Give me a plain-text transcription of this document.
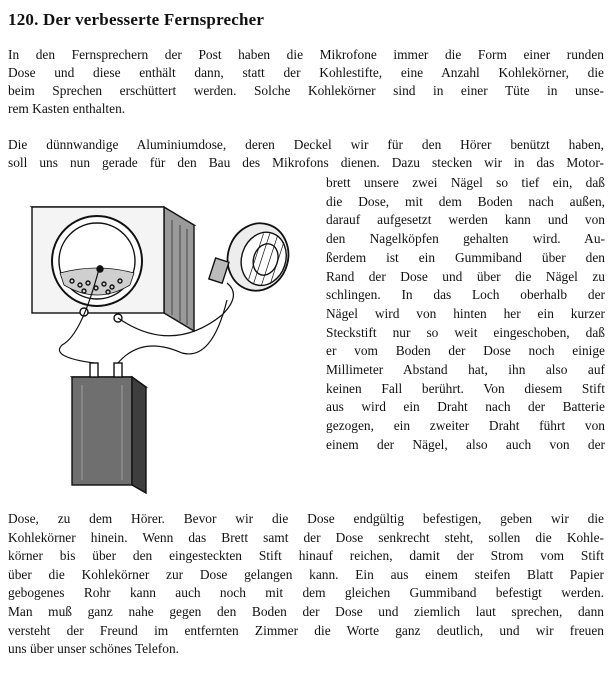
120. Der verbesserte Fernsprecher
In den Fernsprechern der Post haben die Mikrofone immer die Form einer runden
Dose und diese enthält dann, statt der Kohlestifte, eine Anzahl Kohlekörner, die
beim Sprechen erschüttert werden. Solche Kohlekörner sind in einer Tüte in unse-
rem Kasten enthalten.
Die dünnwandige Aluminiumdose, deren Deckel wir für den Hörer benützt haben,
soll uns nun gerade für den Bau des Mikrofons dienen. Dazu stecken wir in das Motor-
brett unsere zwei Nägel so tief ein, daß
die Dose, mit dem Boden nach außen,
darauf aufgesetzt werden kann und von
den Nagelköpfen gehalten wird. Au-
ßerdem ist ein Gummiband über den
Rand der Dose und über die Nägel zu
schlingen. In das Loch oberhalb der
Nägel wird von hinten her ein kurzer
Steckstift nur so weit eingeschoben, daß
er vom Boden der Dose noch einige
Millimeter Abstand hat, ihn also auf
keinen Fall berührt. Von diesem Stift
aus wird ein Draht nach der Batterie
gezogen, ein zweiter Draht führt von
einem der Nägel, also auch von der
Dose, zu dem Hörer. Bevor wir die Dose endgültig befestigen, geben wir die
Kohlekörner hinein. Wenn das Brett samt der Dose senkrecht steht, sollen die Kohle-
körner bis über den eingesteckten Stift hinauf reichen, damit der Strom vom Stift
über die Kohlekörner zur Dose gelangen kann. Ein aus einem steifen Blatt Papier
gebogenes Rohr kann auch noch mit dem gleichen Gummiband befestigt werden.
Man muß ganz nahe gegen den Boden der Dose und ziemlich laut sprechen, dann
versteht der Freund im entfernten Zimmer die Worte ganz deutlich, und wir freuen
uns über unser schönes Telefon.
